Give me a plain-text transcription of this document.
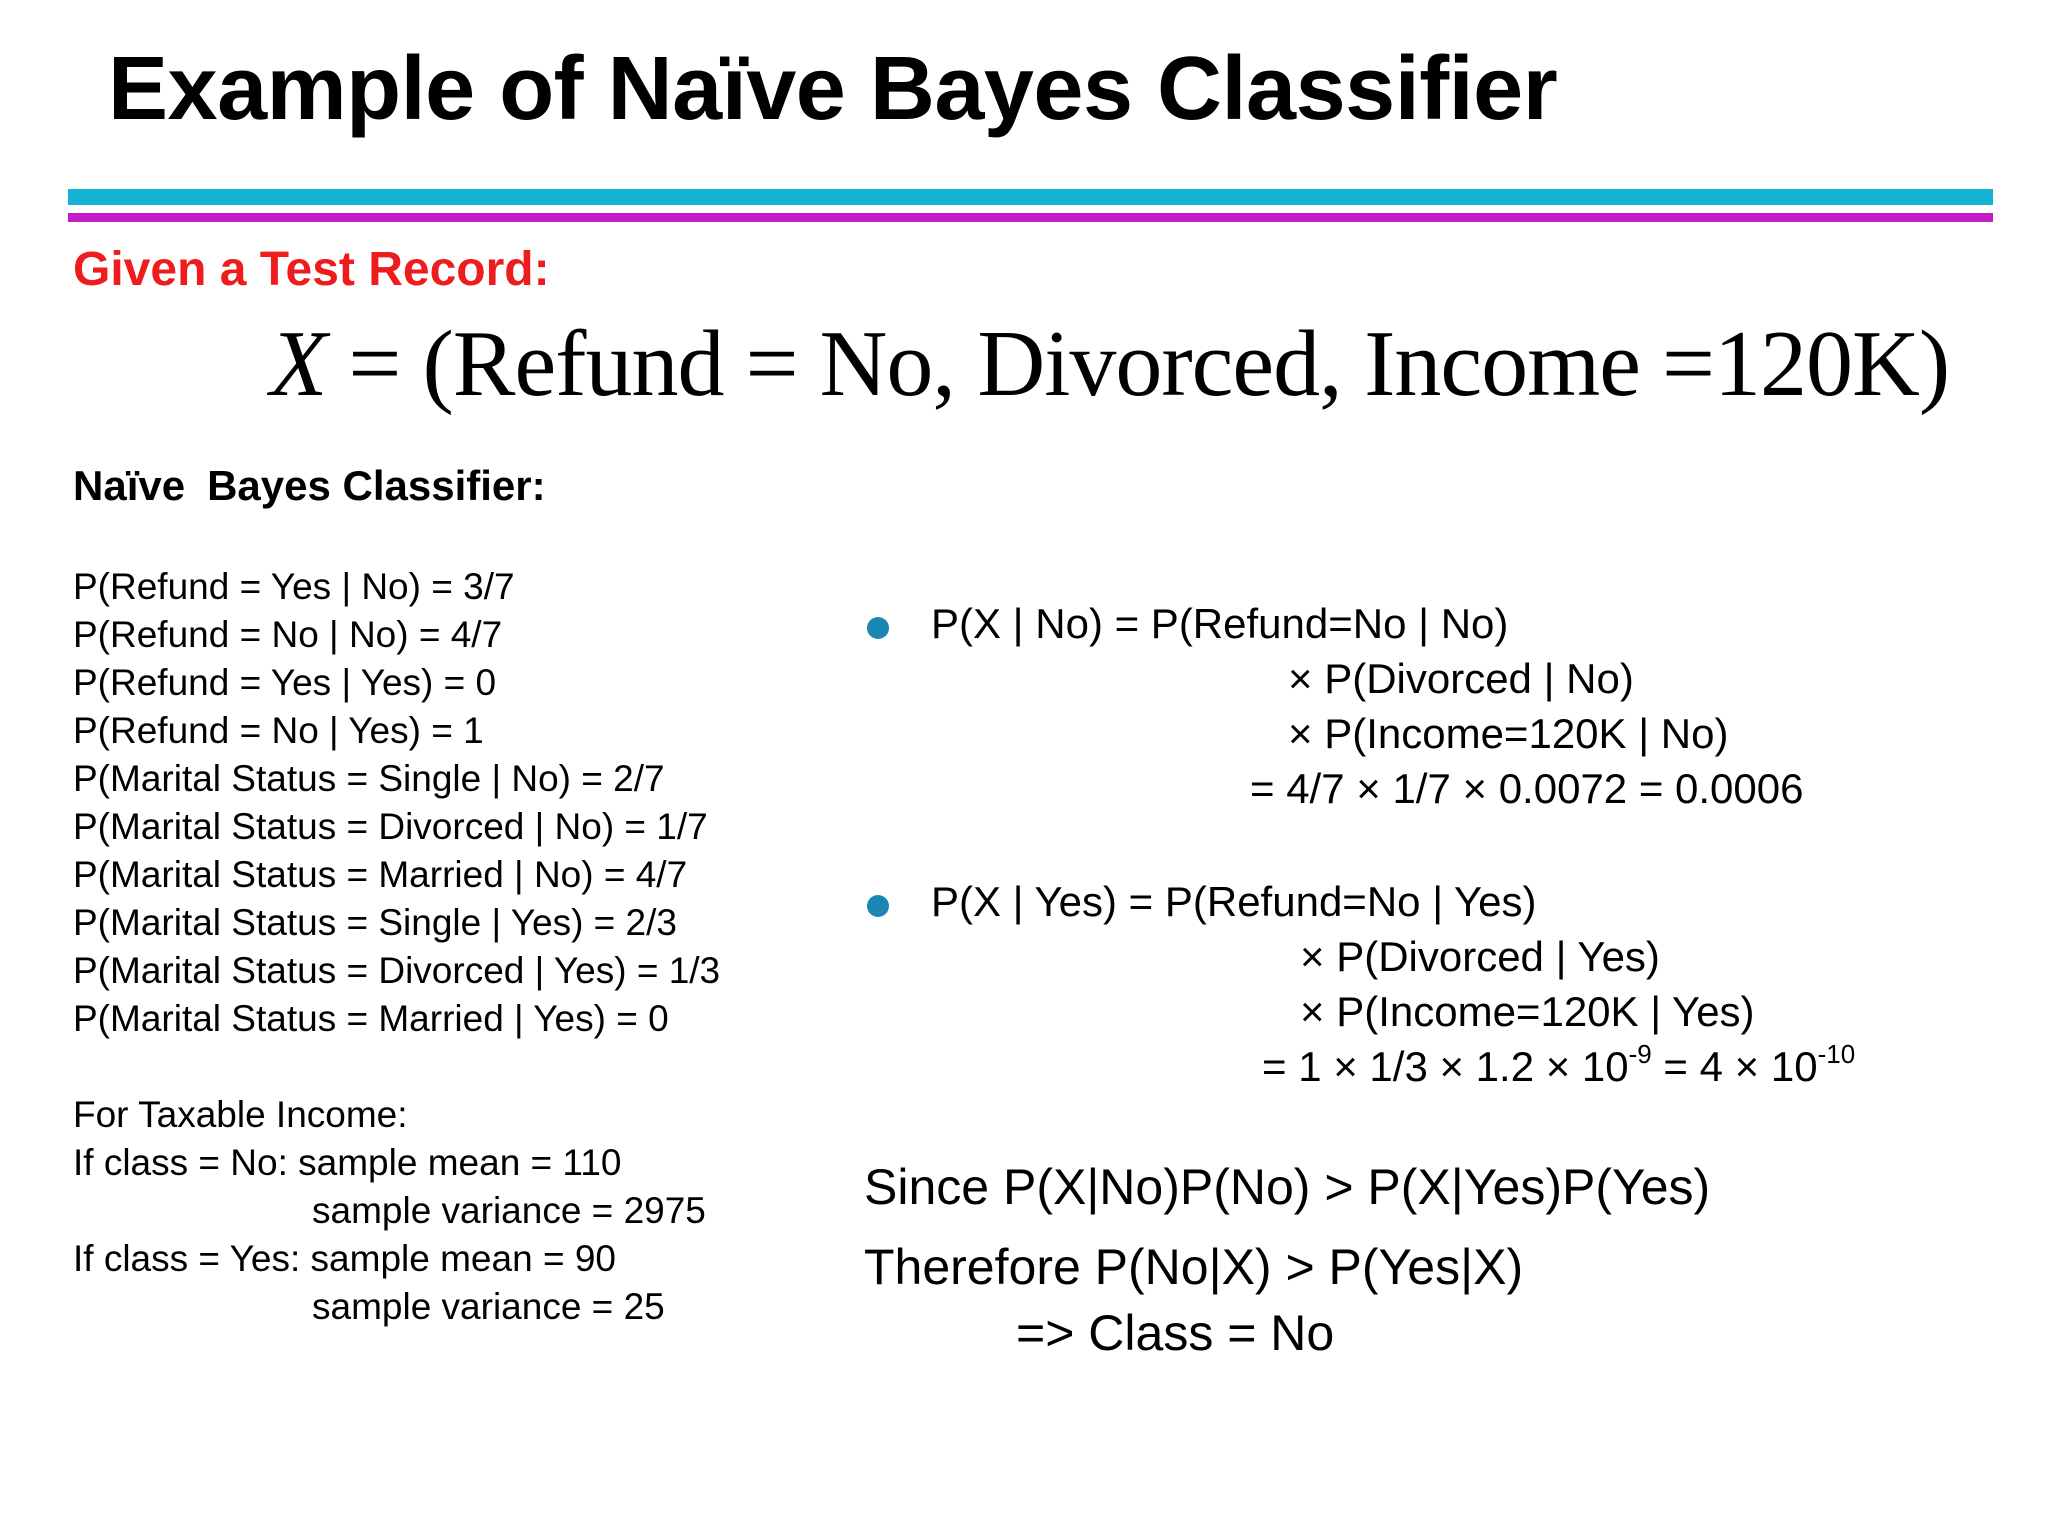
Example of Naïve Bayes Classifier
Given a Test Record:
X = (Refund = No, Divorced, Income =120K)
Naïve Bayes Classifier:
P(Refund = Yes | No) = 3/7
P(Refund = No | No) = 4/7
P(Refund = Yes | Yes) = 0
P(Refund = No | Yes) = 1
P(Marital Status = Single | No) = 2/7
P(Marital Status = Divorced | No) = 1/7
P(Marital Status = Married | No) = 4/7
P(Marital Status = Single | Yes) = 2/3
P(Marital Status = Divorced | Yes) = 1/3
P(Marital Status = Married | Yes) = 0
For Taxable Income:
If class = No: sample mean = 110
sample variance = 2975
If class = Yes: sample mean = 90
sample variance = 25
P(X | No) = P(Refund=No | No)
× P(Divorced | No)
× P(Income=120K | No)
= 4/7 × 1/7 × 0.0072 = 0.0006
P(X | Yes) = P(Refund=No | Yes)
× P(Divorced | Yes)
× P(Income=120K | Yes)
= $1 \times 1/3 \times 1.2 \times 10^{-9} = 4 \times 10^{-10}$
Since P(X|No)P(No) > P(X|Yes)P(Yes)
Therefore P(No|X) > P(Yes|X)
=> Class = No
